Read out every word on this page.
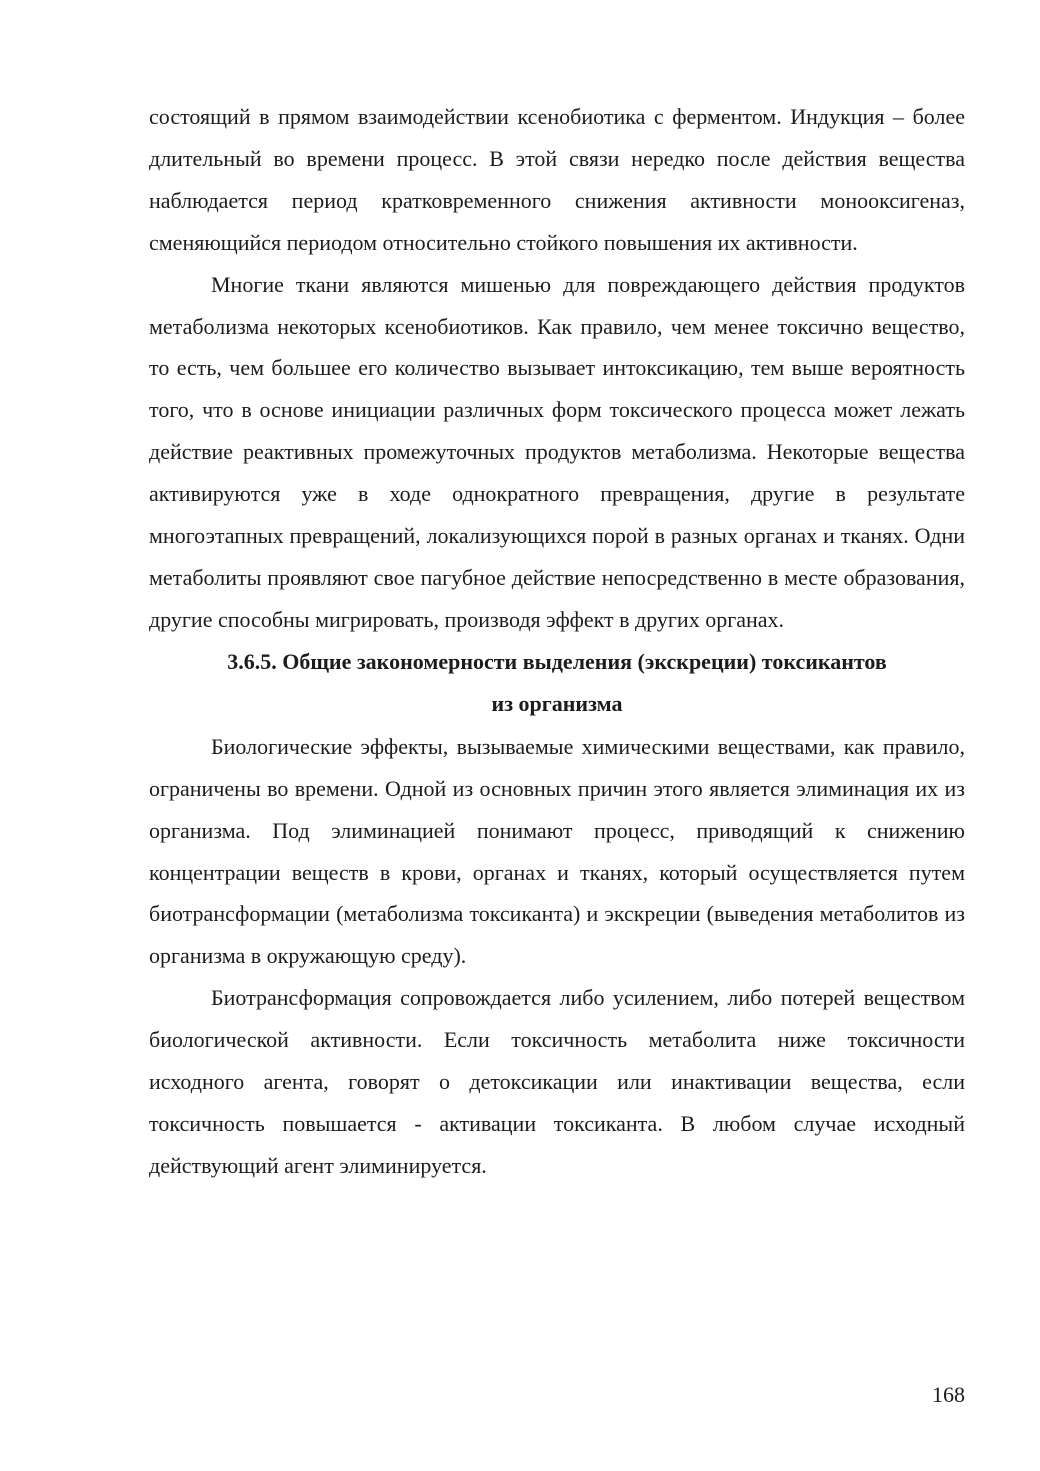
состоящий в прямом взаимодействии ксенобиотика с ферментом. Индукция – более длительный во времени процесс. В этой связи нередко после действия вещества наблюдается период кратковременного снижения активности монооксигеназ, сменяющийся периодом относительно стойкого повышения их активности.

Многие ткани являются мишенью для повреждающего действия продуктов метаболизма некоторых ксенобиотиков. Как правило, чем менее токсично вещество, то есть, чем большее его количество вызывает интоксикацию, тем выше вероятность того, что в основе инициации различных форм токсического процесса может лежать действие реактивных промежуточных продуктов метаболизма. Некоторые вещества активируются уже в ходе однократного превращения, другие в результате многоэтапных превращений, локализующихся порой в разных органах и тканях. Одни метаболиты проявляют свое пагубное действие непосредственно в месте образования, другие способны мигрировать, производя эффект в других органах.

3.6.5. Общие закономерности выделения (экскреции) токсикантов
из организма

Биологические эффекты, вызываемые химическими веществами, как правило, ограничены во времени. Одной из основных причин этого является элиминация их из организма. Под элиминацией понимают процесс, приводящий к снижению концентрации веществ в крови, органах и тканях, который осуществляется путем биотрансформации (метаболизма токсиканта) и экскреции (выведения метаболитов из организма в окружающую среду).

Биотрансформация сопровождается либо усилением, либо потерей веществом биологической активности. Если токсичность метаболита ниже токсичности исходного агента, говорят о детоксикации или инактивации вещества, если токсичность повышается - активации токсиканта. В любом случае исходный действующий агент элиминируется.

168
